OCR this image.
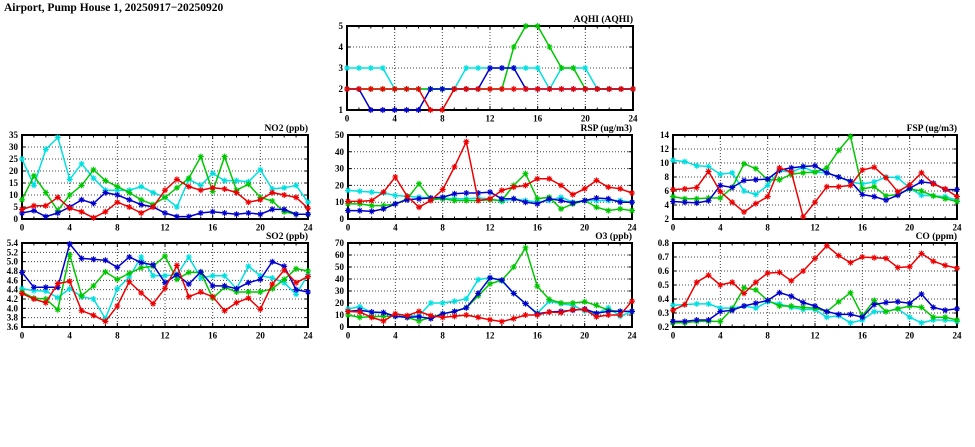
Airport, Pump House 1, 20250917−20250920
1
2
3
4
5
0	4	8	12	16	20	24
AQHI (AQHI)
0
5
10
15
20
25
30
35
0	4	8	12	16	20	24
NO2 (ppb)
0
10
20
30
40
50
0	4	8	12	16	20	24
RSP (ug/m3)
2
4
6
8
10
12
14
0	4	8	12	16	20	24
FSP (ug/m3)
3.6
3.8
4.0
4.2
4.4
4.6
4.8
5.0
5.2
5.4
0	4	8	12	16	20	24
SO2 (ppb)
0
10
20
30
40
50
60
70
0	4	8	12	16	20	24
O3 (ppb)
0.2
0.3
0.4
0.5
0.6
0.7
0.8
0	4	8	12	16	20	24
CO (ppm)
